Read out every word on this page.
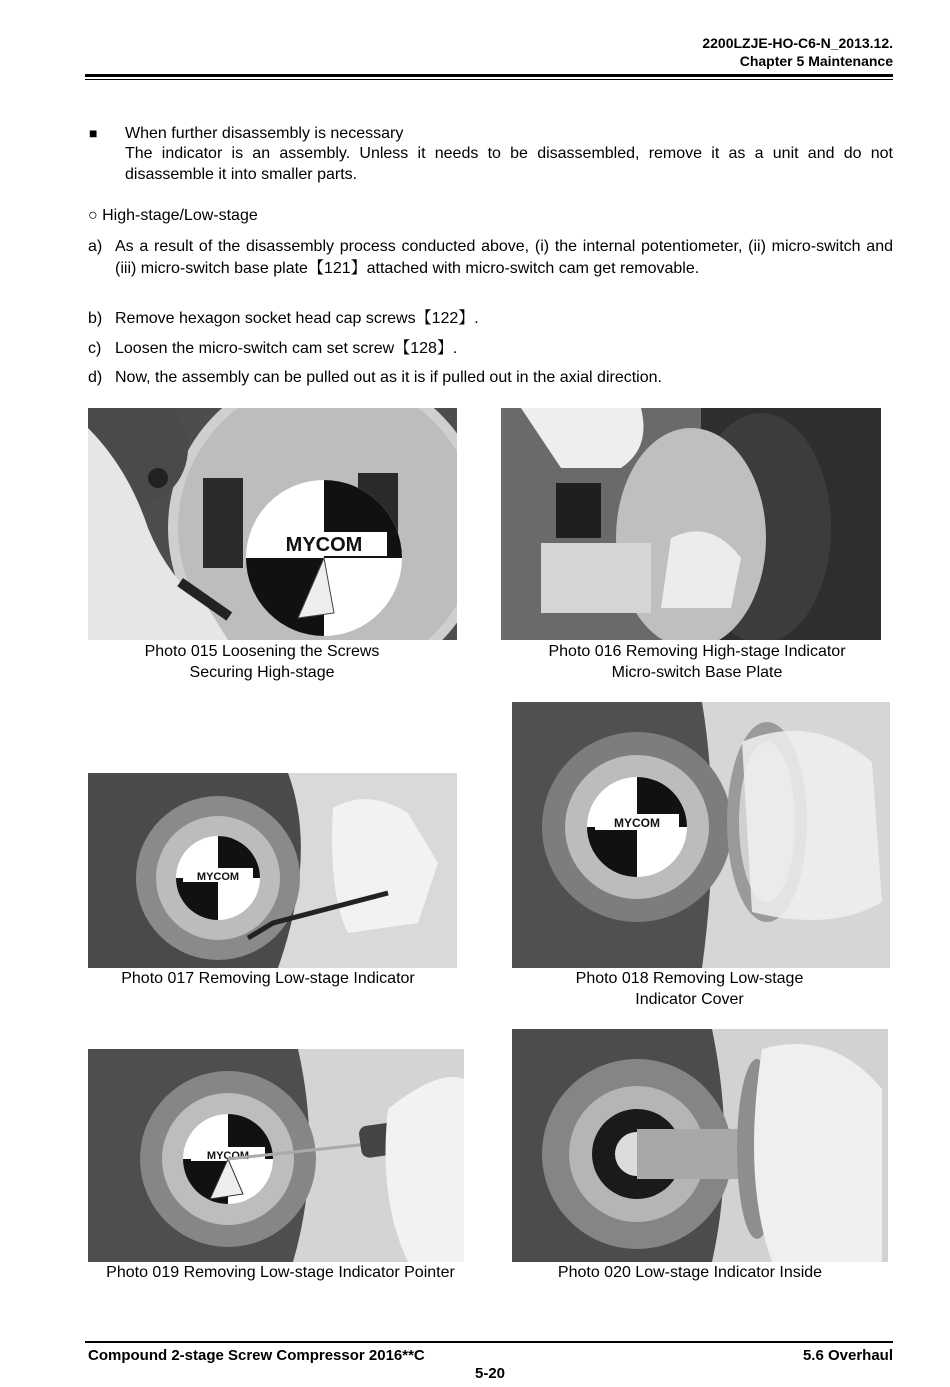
2200LZJE-HO-C6-N_2013.12.
Chapter 5 Maintenance
■ When further disassembly is necessary
The indicator is an assembly. Unless it needs to be disassembled, remove it as a unit and do not disassemble it into smaller parts.
○ High-stage/Low-stage
a) As a result of the disassembly process conducted above, (i) the internal potentiometer, (ii) micro-switch and (iii) micro-switch base plate【121】attached with micro-switch cam get removable.
b) Remove hexagon socket head cap screws【122】.
c) Loosen the micro-switch cam set screw【128】.
d) Now, the assembly can be pulled out as it is if pulled out in the axial direction.
MYCOM
Photo 015 Loosening the Screws
Securing High-stage
Photo 016 Removing High-stage Indicator
Micro-switch Base Plate
MYCOM
Photo 017 Removing Low-stage Indicator
MYCOM
Photo 018 Removing Low-stage
Indicator Cover
MYCOM
Photo 019 Removing Low-stage Indicator Pointer	Photo 020 Low-stage Indicator Inside
Compound 2-stage Screw Compressor 2016**C	5.6 Overhaul
5-20
